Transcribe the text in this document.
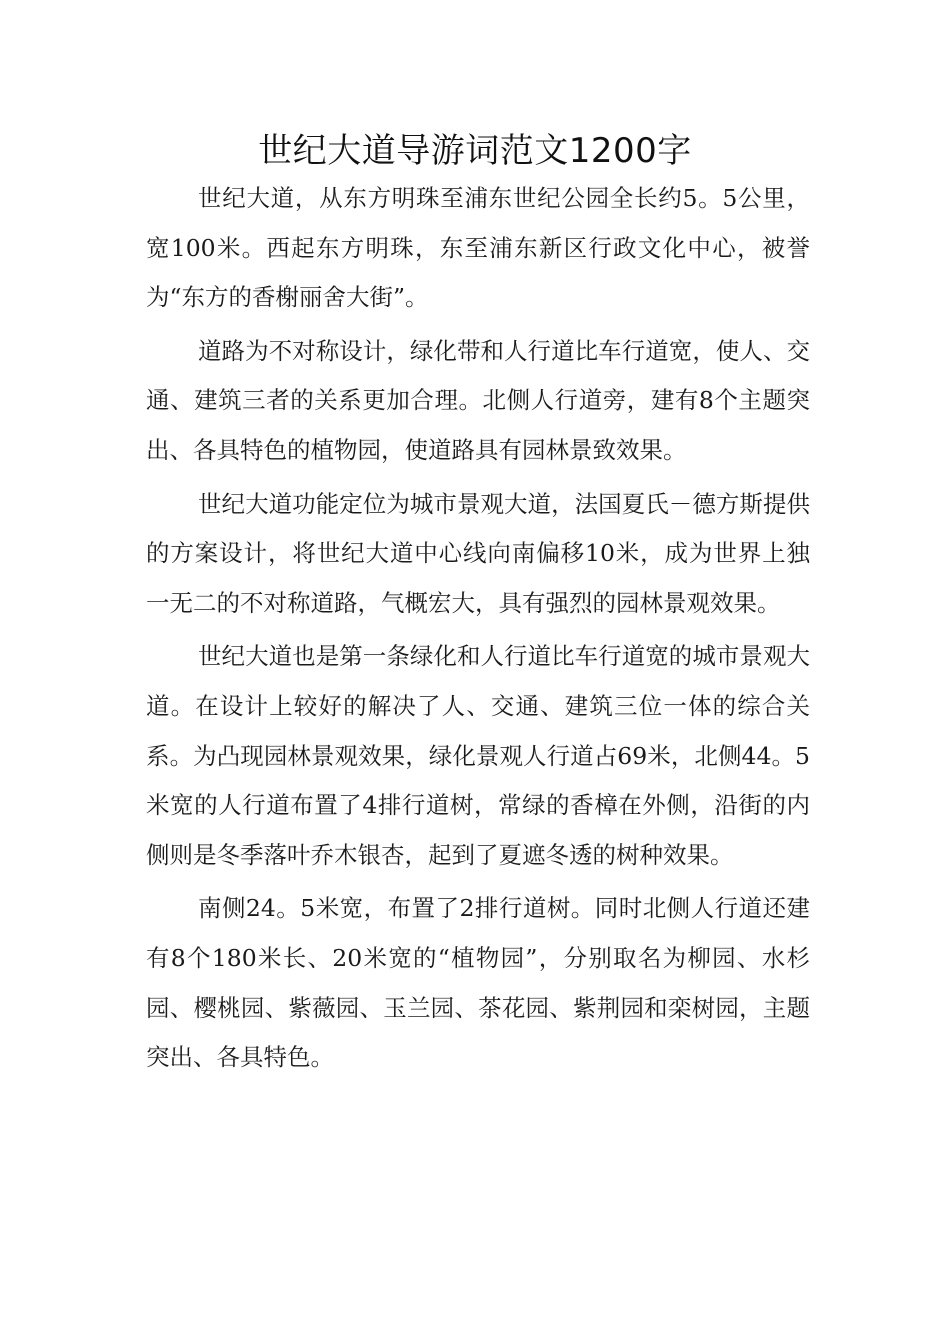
世纪大道导游词范文1200字

世纪大道，从东方明珠至浦东世纪公园全长约5。5公里，宽100米。西起东方明珠，东至浦东新区行政文化中心，被誉为“东方的香榭丽舍大街”。

道路为不对称设计，绿化带和人行道比车行道宽，使人、交通、建筑三者的关系更加合理。北侧人行道旁，建有8个主题突出、各具特色的植物园，使道路具有园林景致效果。

世纪大道功能定位为城市景观大道，法国夏氏－德方斯提供的方案设计，将世纪大道中心线向南偏移10米，成为世界上独一无二的不对称道路，气概宏大，具有强烈的园林景观效果。

世纪大道也是第一条绿化和人行道比车行道宽的城市景观大道。在设计上较好的解决了人、交通、建筑三位一体的综合关系。为凸现园林景观效果，绿化景观人行道占69米，北侧44。5米宽的人行道布置了4排行道树，常绿的香樟在外侧，沿街的内侧则是冬季落叶乔木银杏，起到了夏遮冬透的树种效果。

南侧24。5米宽，布置了2排行道树。同时北侧人行道还建有8个180米长、20米宽的“植物园”，分别取名为柳园、水杉园、樱桃园、紫薇园、玉兰园、茶花园、紫荆园和栾树园，主题突出、各具特色。
